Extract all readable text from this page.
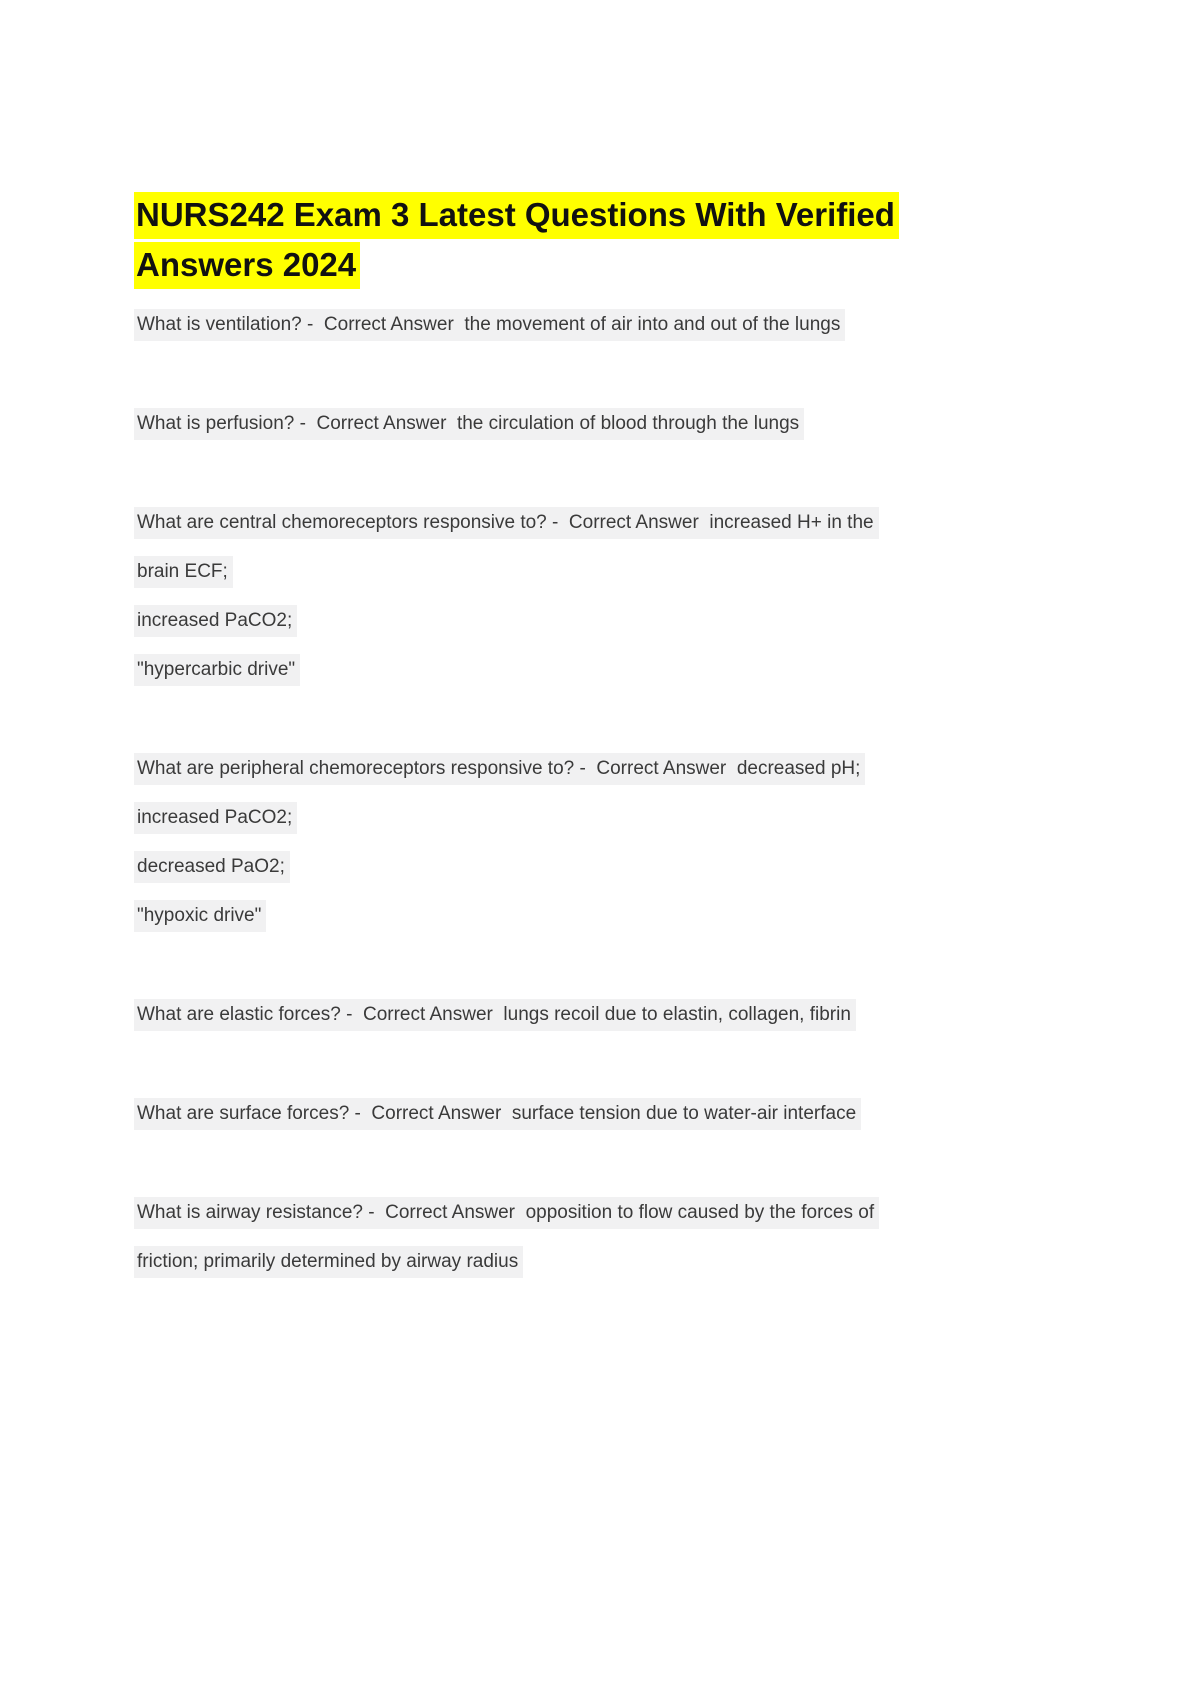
NURS242 Exam 3 Latest Questions With Verified
Answers 2024
What is ventilation? -  Correct Answer  the movement of air into and out of the lungs
What is perfusion? -  Correct Answer  the circulation of blood through the lungs
What are central chemoreceptors responsive to? -  Correct Answer  increased H+ in the
brain ECF;
increased PaCO2;
"hypercarbic drive"
What are peripheral chemoreceptors responsive to? -  Correct Answer  decreased pH;
increased PaCO2;
decreased PaO2;
"hypoxic drive"
What are elastic forces? -  Correct Answer  lungs recoil due to elastin, collagen, fibrin
What are surface forces? -  Correct Answer  surface tension due to water-air interface
What is airway resistance? -  Correct Answer  opposition to flow caused by the forces of
friction; primarily determined by airway radius
